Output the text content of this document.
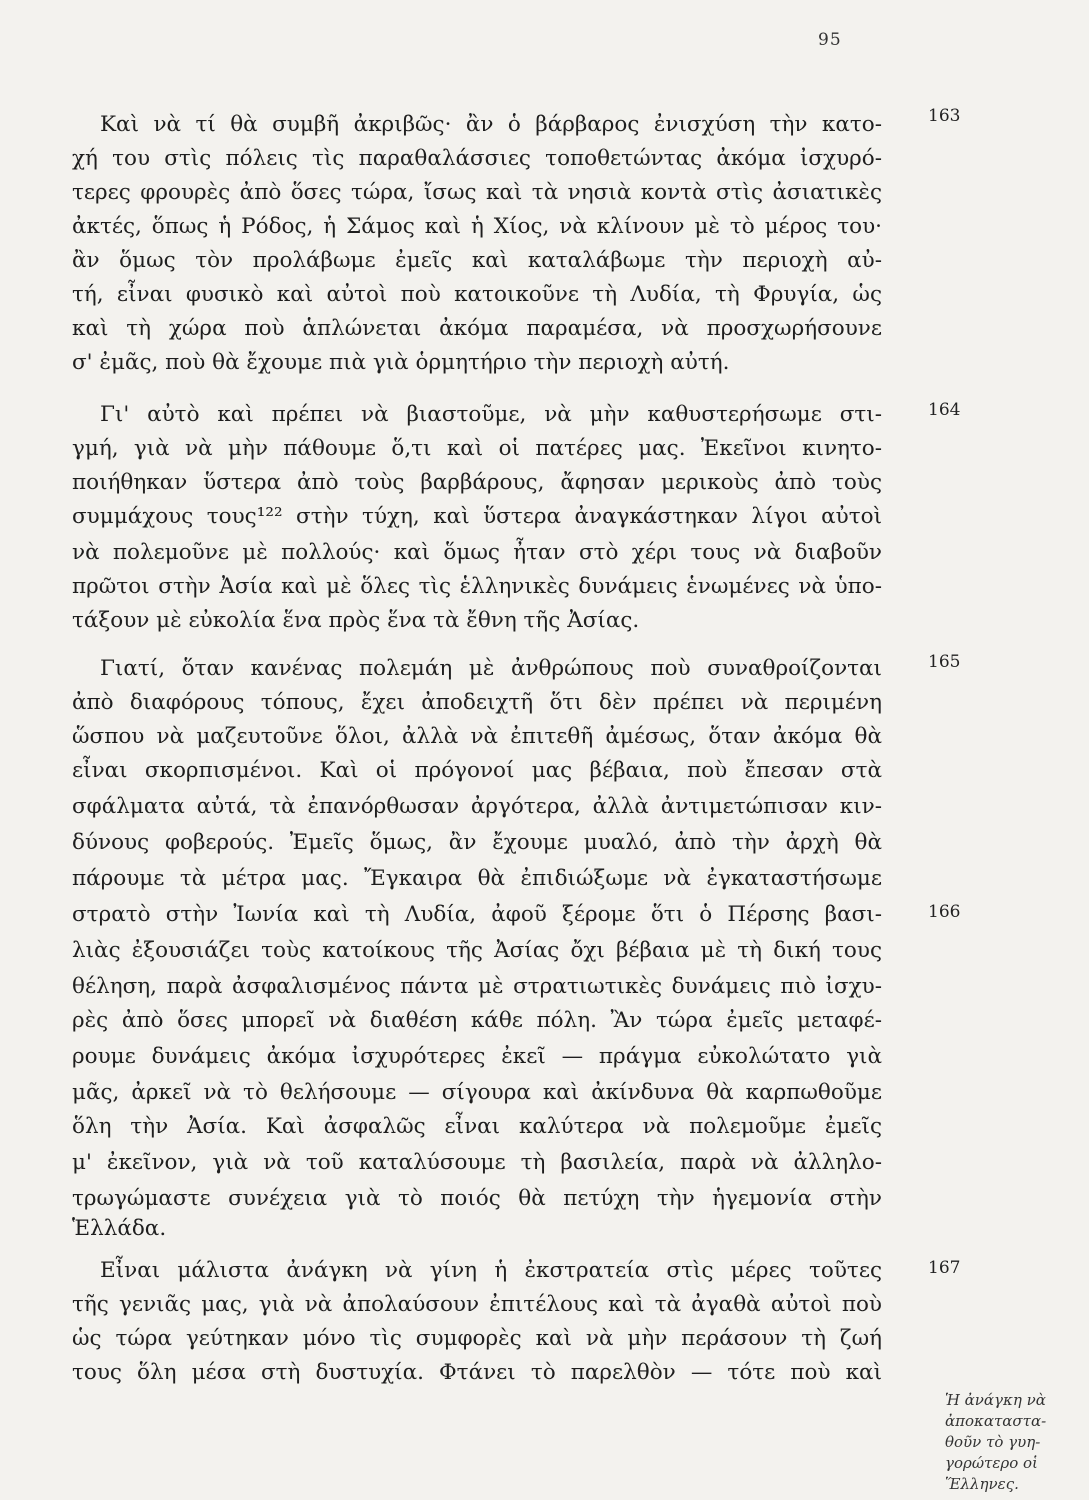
95
163
Καὶ νὰ τί θὰ συμβῆ ἀκριβῶς· ἂν ὁ βάρβαρος ἐνισχύση τὴν κατο-
χή του στὶς πόλεις τὶς παραθαλάσσιες τοποθετώντας ἀκόμα ἰσχυρό-
τερες φρουρὲς ἀπὸ ὅσες τώρα, ἴσως καὶ τὰ νησιὰ κοντὰ στὶς ἀσιατικὲς
ἀκτές, ὅπως ἡ Ρόδος, ἡ Σάμος καὶ ἡ Χίος, νὰ κλίνουν μὲ τὸ μέρος του·
ἂν ὅμως τὸν προλάβωμε ἐμεῖς καὶ καταλάβωμε τὴν περιοχὴ αὐ-
τή, εἶναι φυσικὸ καὶ αὐτοὶ ποὺ κατοικοῦνε τὴ Λυδία, τὴ Φρυγία, ὡς
καὶ τὴ χώρα ποὺ ἁπλώνεται ἀκόμα παραμέσα, νὰ προσχωρήσουνε
σ' ἐμᾶς, ποὺ θὰ ἔχουμε πιὰ γιὰ ὁρμητήριο τὴν περιοχὴ αὐτή.
164
Γι' αὐτὸ καὶ πρέπει νὰ βιαστοῦμε, νὰ μὴν καθυστερήσωμε στι-
γμή, γιὰ νὰ μὴν πάθουμε ὅ,τι καὶ οἱ πατέρες μας. Ἐκεῖνοι κινητο-
ποιήθηκαν ὕστερα ἀπὸ τοὺς βαρβάρους, ἄφησαν μερικοὺς ἀπὸ τοὺς
συμμάχους τους¹²² στὴν τύχη, καὶ ὕστερα ἀναγκάστηκαν λίγοι αὐτοὶ
νὰ πολεμοῦνε μὲ πολλούς· καὶ ὅμως ἦταν στὸ χέρι τους νὰ διαβοῦν
πρῶτοι στὴν Ἀσία καὶ μὲ ὅλες τὶς ἑλληνικὲς δυνάμεις ἑνωμένες νὰ ὑπο-
τάξουν μὲ εὐκολία ἕνα πρὸς ἕνα τὰ ἔθνη τῆς Ἀσίας.
165
Γιατί, ὅταν κανένας πολεμάη μὲ ἀνθρώπους ποὺ συναθροίζονται
ἀπὸ διαφόρους τόπους, ἔχει ἀποδειχτῆ ὅτι δὲν πρέπει νὰ περιμένη
ὥσπου νὰ μαζευτοῦνε ὅλοι, ἀλλὰ νὰ ἐπιτεθῆ ἀμέσως, ὅταν ἀκόμα θὰ
εἶναι σκορπισμένοι. Καὶ οἱ πρόγονοί μας βέβαια, ποὺ ἔπεσαν στὰ
σφάλματα αὐτά, τὰ ἐπανόρθωσαν ἀργότερα, ἀλλὰ ἀντιμετώπισαν κιν-
δύνους φοβερούς. Ἐμεῖς ὅμως, ἂν ἔχουμε μυαλό, ἀπὸ τὴν ἀρχὴ θὰ
πάρουμε τὰ μέτρα μας. Ἔγκαιρα θὰ ἐπιδιώξωμε νὰ ἐγκαταστήσωμε
166
στρατὸ στὴν Ἰωνία καὶ τὴ Λυδία, ἀφοῦ ξέρομε ὅτι ὁ Πέρσης βασι-
λιὰς ἐξουσιάζει τοὺς κατοίκους τῆς Ἀσίας ὄχι βέβαια μὲ τὴ δική τους
θέληση, παρὰ ἀσφαλισμένος πάντα μὲ στρατιωτικὲς δυνάμεις πιὸ ἰσχυ-
ρὲς ἀπὸ ὅσες μπορεῖ νὰ διαθέση κάθε πόλη. Ἂν τώρα ἐμεῖς μεταφέ-
ρουμε δυνάμεις ἀκόμα ἰσχυρότερες ἐκεῖ — πράγμα εὐκολώτατο γιὰ
μᾶς, ἀρκεῖ νὰ τὸ θελήσουμε — σίγουρα καὶ ἀκίνδυνα θὰ καρπωθοῦμε
ὅλη τὴν Ἀσία. Καὶ ἀσφαλῶς εἶναι καλύτερα νὰ πολεμοῦμε ἐμεῖς
μ' ἐκεῖνον, γιὰ νὰ τοῦ καταλύσουμε τὴ βασιλεία, παρὰ νὰ ἀλληλο-
τρωγώμαστε συνέχεια γιὰ τὸ ποιός θὰ πετύχη τὴν ἡγεμονία στὴν
Ἑλλάδα.
167
Εἶναι μάλιστα ἀνάγκη νὰ γίνη ἡ ἐκστρατεία στὶς μέρες τοῦτες
τῆς γενιᾶς μας, γιὰ νὰ ἀπολαύσουν ἐπιτέλους καὶ τὰ ἀγαθὰ αὐτοὶ ποὺ
ὡς τώρα γεύτηκαν μόνο τὶς συμφορὲς καὶ νὰ μὴν περάσουν τὴ ζωή
τους ὅλη μέσα στὴ δυστυχία. Φτάνει τὸ παρελθὸν — τότε ποὺ καὶ
Ἡ ἀνάγκη νὰ
ἀποκαταστα-
θοῦν τὸ γυη-
γορώτερο οἱ
Ἕλληνες.
